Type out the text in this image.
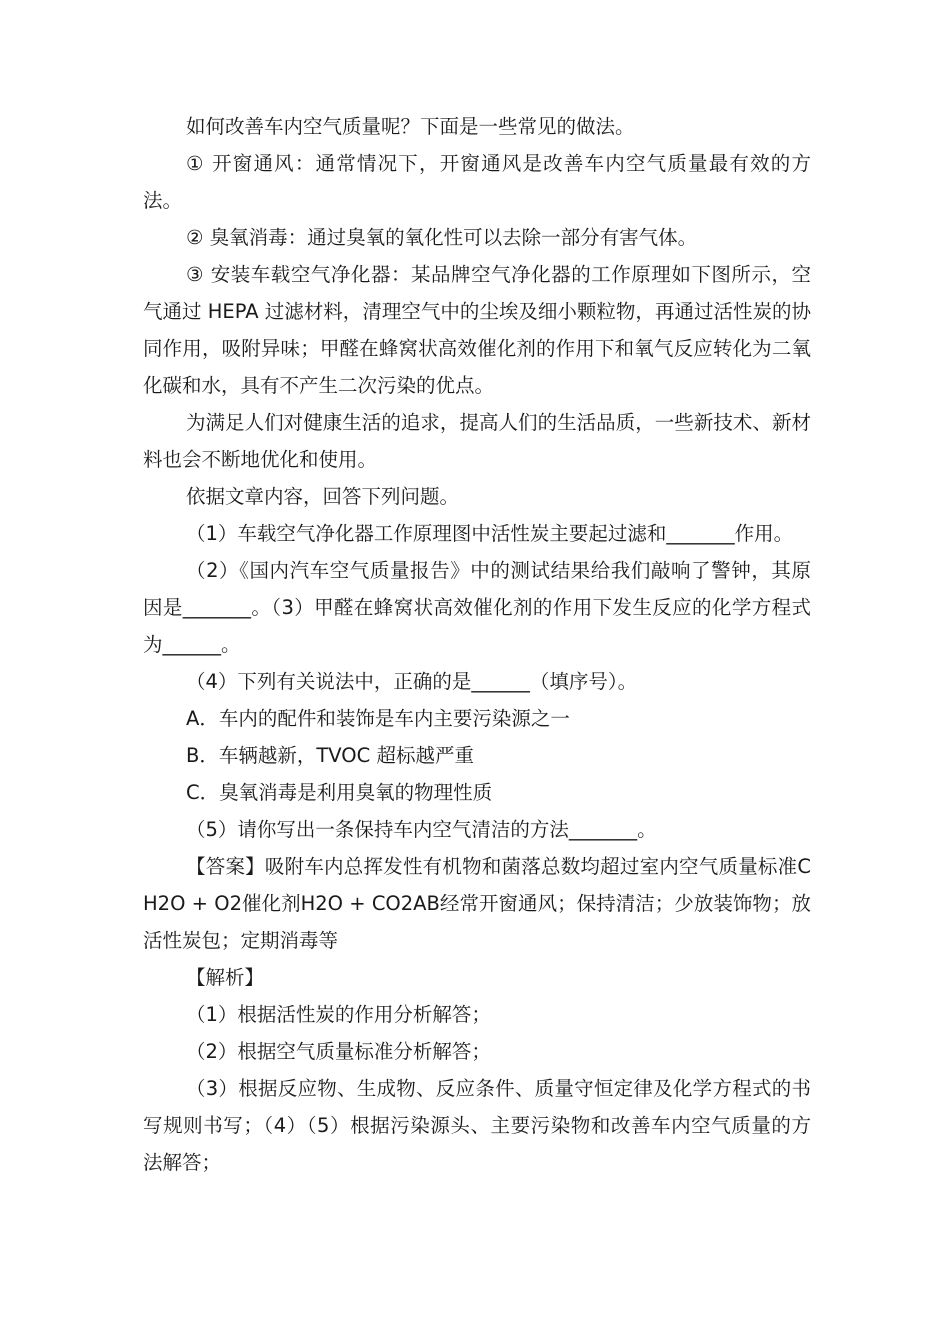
如何改善车内空气质量呢？下面是一些常见的做法。

① 开窗通风：通常情况下，开窗通风是改善车内空气质量最有效的方法。

② 臭氧消毒：通过臭氧的氧化性可以去除一部分有害气体。

③ 安装车载空气净化器：某品牌空气净化器的工作原理如下图所示，空气通过 HEPA 过滤材料，清理空气中的尘埃及细小颗粒物，再通过活性炭的协同作用，吸附异味；甲醛在蜂窝状高效催化剂的作用下和氧气反应转化为二氧化碳和水，具有不产生二次污染的优点。

为满足人们对健康生活的追求，提高人们的生活品质，一些新技术、新材料也会不断地优化和使用。

依据文章内容，回答下列问题。

（1）车载空气净化器工作原理图中活性炭主要起过滤和_______作用。

（2）《国内汽车空气质量报告》中的测试结果给我们敲响了警钟，其原因是_______。（3）甲醛在蜂窝状高效催化剂的作用下发生反应的化学方程式为______。

（4）下列有关说法中，正确的是______（填序号）。

A．车内的配件和装饰是车内主要污染源之一

B．车辆越新，TVOC 超标越严重

C．臭氧消毒是利用臭氧的物理性质

（5）请你写出一条保持车内空气清洁的方法_______。

【答案】吸附车内总挥发性有机物和菌落总数均超过室内空气质量标准CH2O + O2催化剂H2O + CO2AB经常开窗通风；保持清洁；少放装饰物；放活性炭包；定期消毒等

【解析】

（1）根据活性炭的作用分析解答；

（2）根据空气质量标准分析解答；

（3）根据反应物、生成物、反应条件、质量守恒定律及化学方程式的书写规则书写；（4）（5）根据污染源头、主要污染物和改善车内空气质量的方法解答；
